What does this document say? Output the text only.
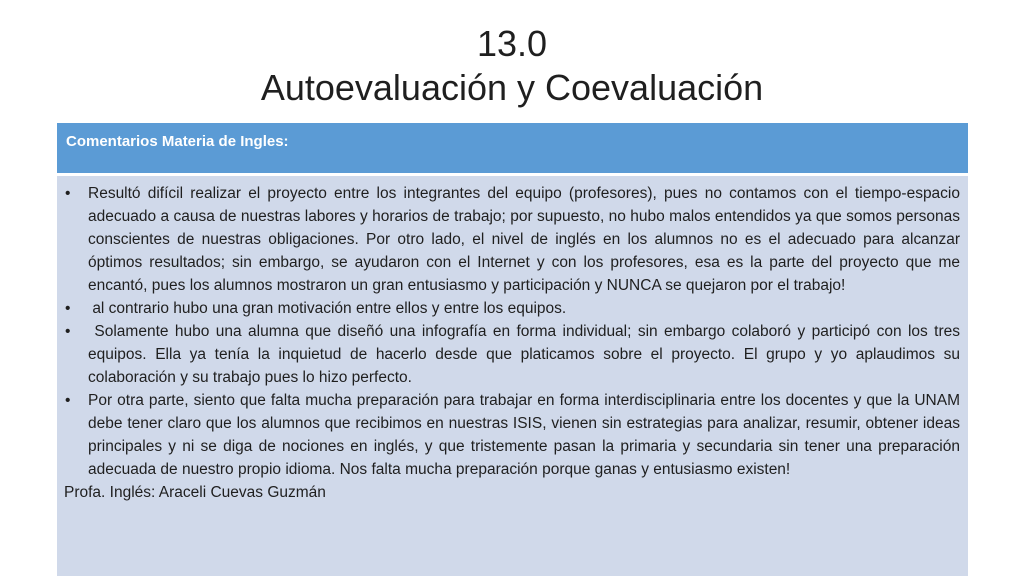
13.0
Autoevaluación y Coevaluación
Comentarios Materia de Ingles:
•	Resultó difícil realizar el proyecto entre los integrantes del equipo (profesores), pues no contamos con el tiempo-espacio adecuado a causa de nuestras labores y horarios de trabajo; por supuesto, no hubo malos entendidos ya que somos personas conscientes de nuestras obligaciones. Por otro lado, el nivel de inglés en los alumnos no es el adecuado para alcanzar óptimos resultados; sin embargo, se ayudaron con el Internet y con los profesores, esa es la parte del proyecto que me encantó, pues los alumnos mostraron un gran entusiasmo y participación y NUNCA se quejaron por el trabajo!
•	al contrario hubo una gran motivación entre ellos y entre los equipos.
•	Solamente hubo una alumna que diseñó una infografía en forma individual; sin embargo colaboró y participó con los tres equipos. Ella ya tenía la inquietud de hacerlo desde que platicamos sobre el proyecto. El grupo y yo aplaudimos su colaboración y su trabajo pues lo hizo perfecto.
•	Por otra parte, siento que falta mucha preparación para trabajar en forma interdisciplinaria entre los docentes y que la UNAM debe tener claro que los alumnos que recibimos en nuestras ISIS, vienen sin estrategias para analizar, resumir, obtener ideas principales y ni se diga de nociones en inglés, y que tristemente pasan la primaria y secundaria sin tener una preparación adecuada de nuestro propio idioma. Nos falta mucha preparación porque ganas y entusiasmo existen!
Profa. Inglés: Araceli Cuevas Guzmán
